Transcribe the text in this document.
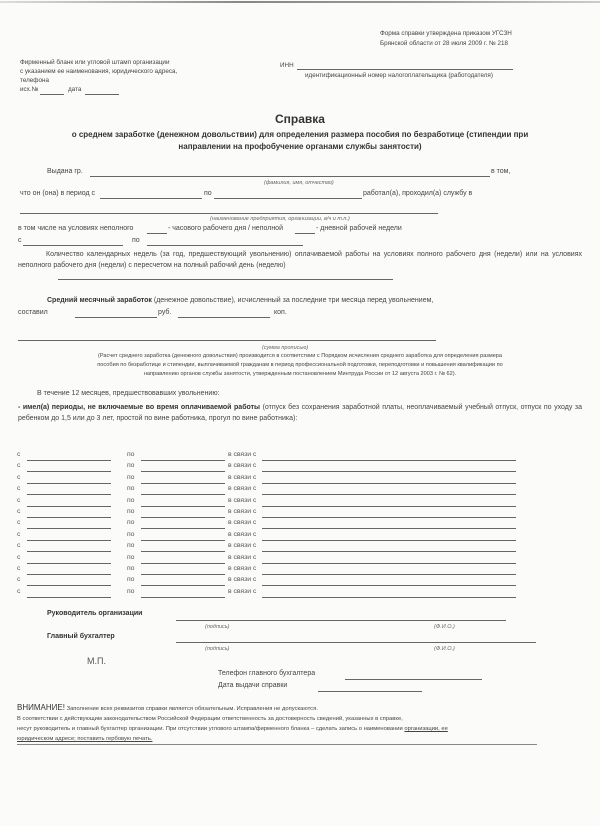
Форма справки утверждена приказом УГСЗН
Брянской области от 28 июля 2009 г. № 218
Фирменный бланк или угловой штамп организации
с указанием ее наименования, юридического адреса,
телефона
исх.№	дата
ИНН
идентификационный номер налогоплательщика (работодателя)
Справка
о среднем заработке (денежном довольствии) для определения размера пособия по безработице (стипендии при
направлении на профобучение органами службы занятости)
Выдана гр.	в том,
(фамилия, имя, отчество)
что он (она) в период с	по	работал(а), проходил(а) службу в
(наименование предприятия, организации, в/ч и т.п.)
в том числе на условиях неполного	- часового рабочего дня / неполной	- дневной рабочей недели
с	по
Количество календарных недель (за год, предшествующий увольнению) оплачиваемой работы на условиях полного рабочего дня (недели) или на условиях неполного рабочего дня (недели) с пересчетом на полный рабочий день (неделю)
Средний месячный заработок (денежное довольствие), исчисленный за последние три месяца перед увольнением,
составил	руб.	коп.
(сумма прописью)
(Расчет среднего заработка (денежного довольствия) производится в соответствии с Порядком исчисления среднего заработка для определения размера
пособия по безработице и стипендии, выплачиваемой гражданам в период профессиональной подготовки, переподготовки и повышения квалификации по
направлению органов службы занятости, утвержденным постановлением Минтруда России от 12 августа 2003 г. № 62).
В течение 12 месяцев, предшествовавших увольнению:
- имел(а) периоды, не включаемые во время оплачиваемой работы (отпуск без сохранения заработной платы, неоплачиваемый учебный отпуск, отпуск по уходу за ребенком до 1,5 или до 3 лет, простой по вине работника, прогул по вине работника):
с	по	в связи с
с	по	в связи с
с	по	в связи с
с	по	в связи с
с	по	в связи с
с	по	в связи с
с	по	в связи с
с	по	в связи с
с	по	в связи с
с	по	в связи с
с	по	в связи с
с	по	в связи с
с	по	в связи с
Руководитель организации
(подпись)	(Ф.И.О.)
Главный бухгалтер
(подпись)	(Ф.И.О.)
М.П.
Телефон главного бухгалтера
Дата выдачи справки
ВНИМАНИЕ! Заполнение всех реквизитов справки является обязательным. Исправления не допускаются.
В соответствии с действующим законодательством Российской Федерации ответственность за достоверность сведений, указанных в справке,
несут руководитель и главный бухгалтер организации. При отсутствии углового штампа/фирменного бланка – сделать запись о наименовании организации, ее
юридическом адресе; поставить гербовую печать.
